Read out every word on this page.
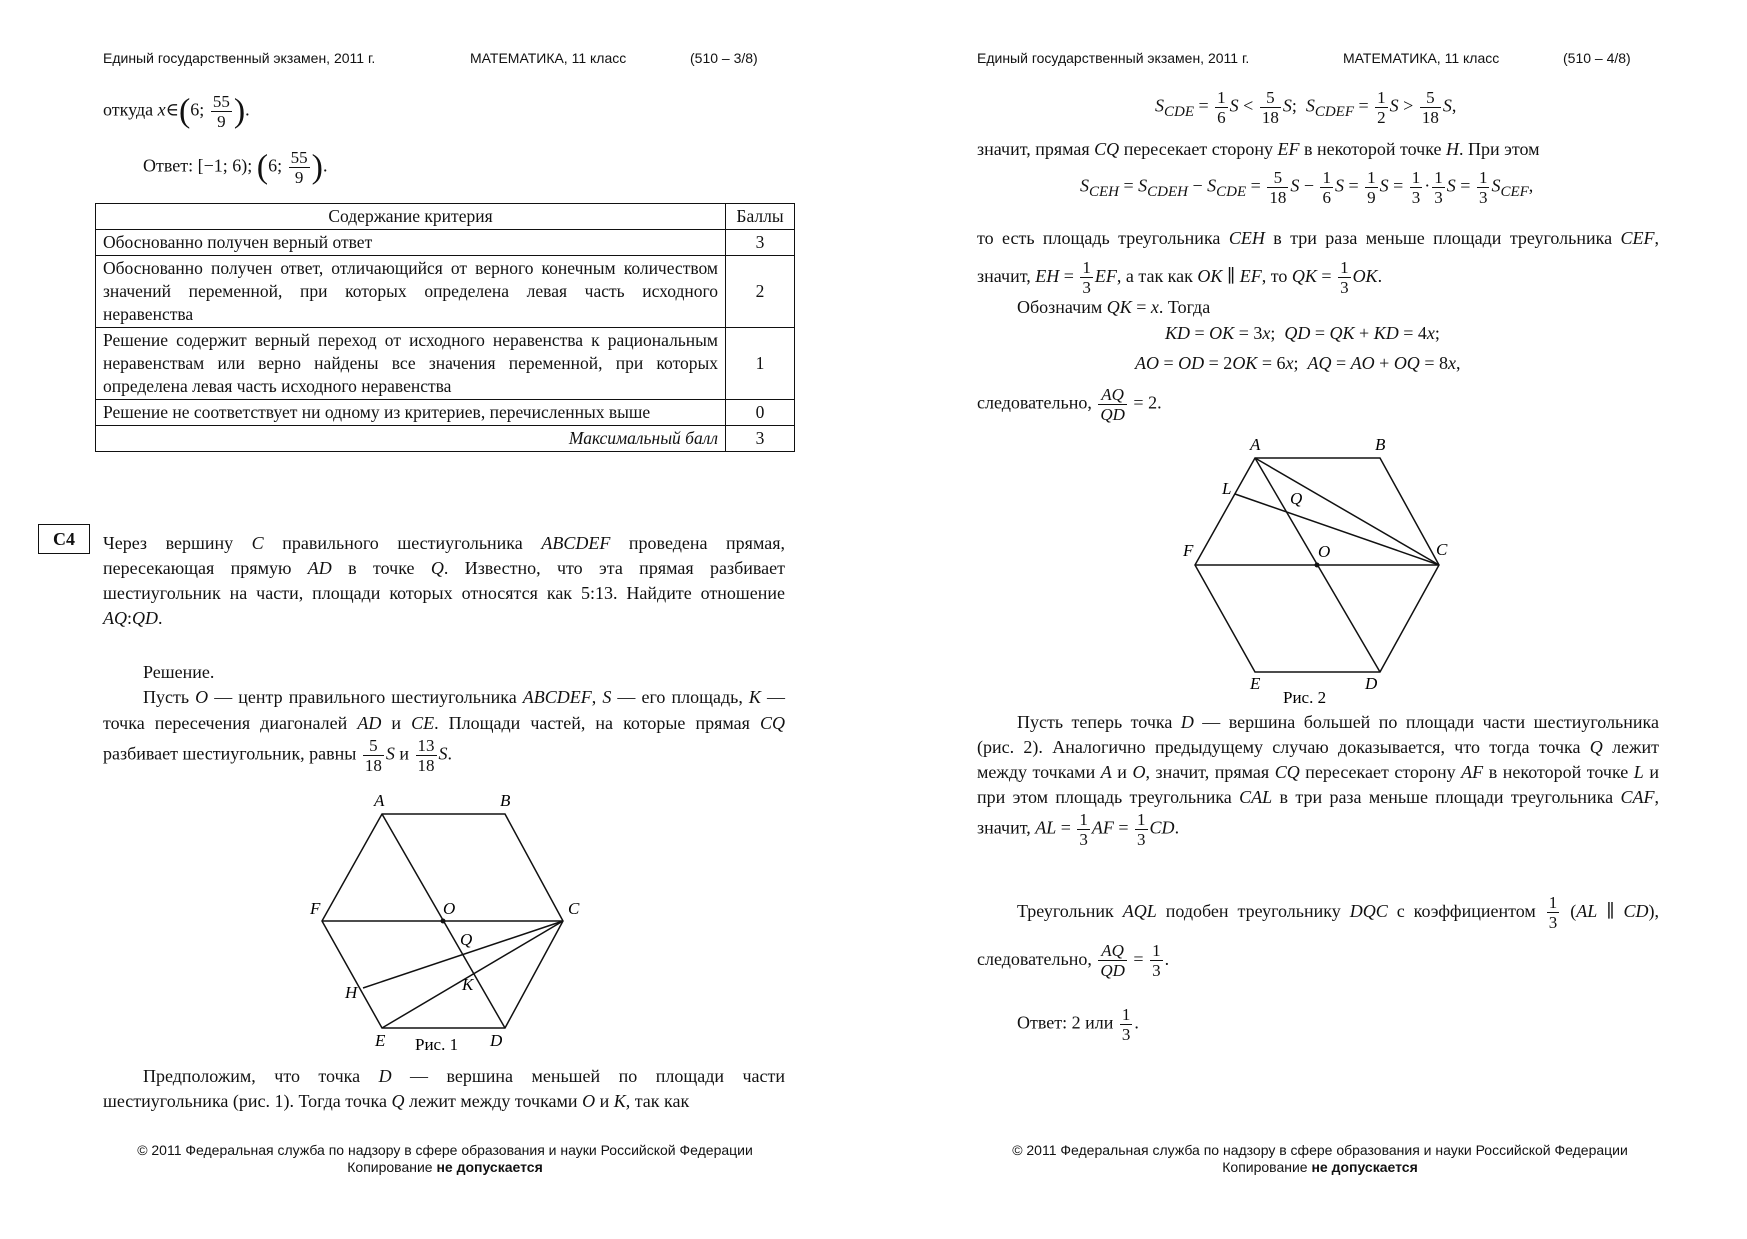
Единый государственный экзамен, 2011 г.	МАТЕМАТИКА, 11 класс	(510 – 3/8)
откуда x∈(6; $\frac{55}{9}$ ).
Ответ: [−1; 6); (6; $\frac{55}{9}$ ).
Содержание критерия	Баллы
Обоснованно получен верный ответ	3
Обоснованно получен ответ, отличающийся от верного конечным количеством значений переменной, при которых определена левая часть исходного неравенства	2
Решение содержит верный переход от исходного неравенства к рациональным неравенствам или верно найдены все значения переменной, при которых определена левая часть исходного неравенства	1
Решение не соответствует ни одному из критериев, перечисленных выше	0
Максимальный балл	3
C4	Через вершину C правильного шестиугольника ABCDEF проведена прямая, пересекающая прямую AD в точке Q. Известно, что эта прямая разбивает шестиугольник на части, площади которых относятся как 5:13. Найдите отношение AQ:QD.
Решение.
Пусть O — центр правильного шестиугольника ABCDEF, S — его площадь, K — точка пересечения диагоналей AD и CE. Площади частей, на которые прямая CQ разбивает шестиугольник, равны $\frac{5}{18}$ S и $\frac{13}{18} S$.
A	B
C
D
E
F	O
Q
K
H
Рис. 1
Предположим, что точка D — вершина меньшей по площади части шестиугольника (рис. 1). Тогда точка Q лежит между точками O и K, так как
© 2011 Федеральная служба по надзору в сфере образования и науки Российской Федерации
Копирование не допускается
Единый государственный экзамен, 2011 г.	МАТЕМАТИКА, 11 класс	(510 – 4/8)
$S_{CDE} = \frac{1}{6}$ $S < \frac{5}{18} S$;  $S_{CDEF} = \frac{1}{2}$ $S > \frac{5}{18} S$,
значит, прямая CQ пересекает сторону EF в некоторой точке H. При этом
$S_{CEH} = S_{CDEH} - S_{CDE} = \frac{5}{18}$ $S - \frac{1}{6}$ $S = \frac{1}{9}$ $S = \frac{1}{3} \cdot \frac{1}{3}$ $S = \frac{1}{3} S_{CEF}$,
то есть площадь треугольника CEH в три раза меньше площади треугольника CEF, значит, EH = $\frac{1}{3}$ EF, а так как OK ∥ EF, то QK = $\frac{1}{3}$ OK.
Обозначим QK = x. Тогда
KD = OK = 3x;  QD = QK + KD = 4x;
AO = OD = 2OK = 6x;  AQ = AO + OQ = 8x,
следовательно, $\frac{AQ}{QD} = 2$.
A	B
C
D
E
F	O
Q
L
Рис. 2
Пусть теперь точка D — вершина большей по площади части шестиугольника (рис. 2). Аналогично предыдущему случаю доказывается, что тогда точка Q лежит между точками A и O, значит, прямая CQ пересекает сторону AF в некоторой точке L и при этом площадь треугольника CAL в три раза меньше площади треугольника CAF, значит, AL = $\frac{1}{3}$ AF = $\frac{1}{3}$ CD.
Треугольник AQL подобен треугольнику DQC с коэффициентом $\frac{1}{3} (AL$ ∥ CD), следовательно, $\frac{AQ}{QD} = \frac{1}{3}$ .
Ответ: 2 или $\frac{1}{3}$ .
© 2011 Федеральная служба по надзору в сфере образования и науки Российской Федерации
Копирование не допускается
